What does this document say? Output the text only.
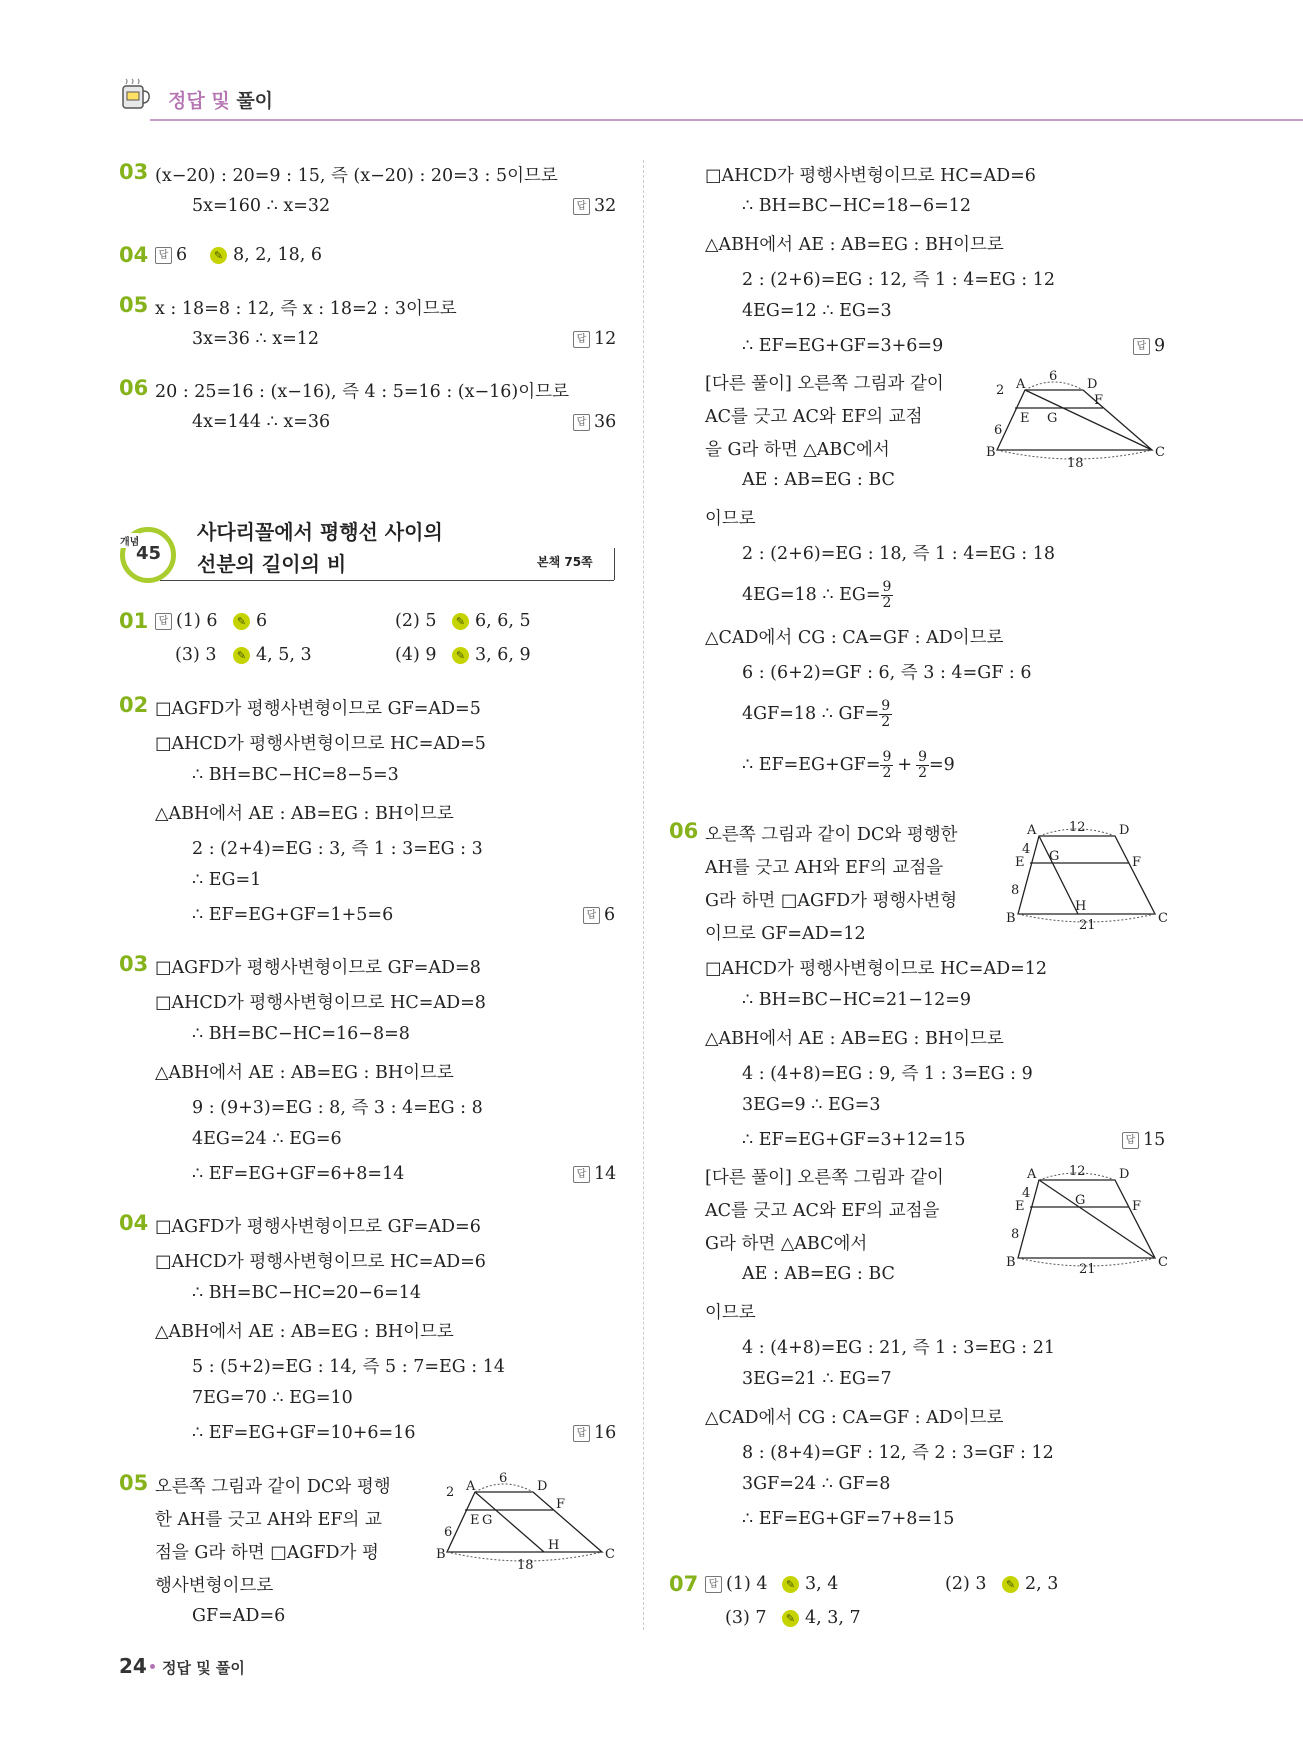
정답 및 풀이
03 (x−20) : 20=9 : 15, 즉 (x−20) : 20=3 : 5이므로
5x=160 ∴ x=32	답 32
04	답 6	✎ 8, 2, 18, 6
05 x : 18=8 : 12, 즉 x : 18=2 : 3이므로
3x=36 ∴ x=12	답 12
06 20 : 25=16 : (x−16), 즉 4 : 5=16 : (x−16)이므로
4x=144 ∴ x=36	답 36
개념
45
사다리꼴에서 평행선 사이의
선분의 길이의 비	본책 75쪽
01	답 (1) 6	✎ 6	(2) 5	✎ 6, 6, 5
(3) 3	✎ 4, 5, 3	(4) 9	✎ 3, 6, 9
02 □AGFD가 평행사변형이므로 GF=AD=5
□AHCD가 평행사변형이므로 HC=AD=5
∴ BH=BC−HC=8−5=3
△ABH에서 AE : AB=EG : BH이므로
2 : (2+4)=EG : 3, 즉 1 : 3=EG : 3
∴ EG=1
∴ EF=EG+GF=1+5=6	답 6
03 □AGFD가 평행사변형이므로 GF=AD=8
□AHCD가 평행사변형이므로 HC=AD=8
∴ BH=BC−HC=16−8=8
△ABH에서 AE : AB=EG : BH이므로
9 : (9+3)=EG : 8, 즉 3 : 4=EG : 8
4EG=24 ∴ EG=6
∴ EF=EG+GF=6+8=14	답 14
04 □AGFD가 평행사변형이므로 GF=AD=6
□AHCD가 평행사변형이므로 HC=AD=6
∴ BH=BC−HC=20−6=14
△ABH에서 AE : AB=EG : BH이므로
5 : (5+2)=EG : 14, 즉 5 : 7=EG : 14
7EG=70 ∴ EG=10
∴ EF=EG+GF=10+6=16	답 16
05 오른쪽 그림과 같이 DC와 평행
한 AH를 긋고 AH와 EF의 교
점을 G라 하면 □AGFD가 평
행사변형이므로
GF=AD=6
A	D
B	C
E G
F
H
6
18
2
6
□AHCD가 평행사변형이므로 HC=AD=6
∴ BH=BC−HC=18−6=12
△ABH에서 AE : AB=EG : BH이므로
2 : (2+6)=EG : 12, 즉 1 : 4=EG : 12
4EG=12 ∴ EG=3
∴ EF=EG+GF=3+6=9	답 9
[다른 풀이] 오른쪽 그림과 같이
AC를 긋고 AC와 EF의 교점
을 G라 하면 △ABC에서
AE : AB=EG : BC
이므로
2 : (2+6)=EG : 18, 즉 1 : 4=EG : 18
4EG=18 ∴ $EG= \frac{9}{2}$
△CAD에서 CG : CA=GF : AD이므로
6 : (6+2)=GF : 6, 즉 3 : 4=GF : 6
4GF=18 ∴ $GF= \frac{9}{2}$
∴ $EF=EG+GF= \frac{9}{2} + \frac{9}{2} =9$
A	D
B	C
E G
F
6
18
2
6
06 오른쪽 그림과 같이 DC와 평행한
AH를 긋고 AH와 EF의 교점을
G라 하면 □AGFD가 평행사변형
이므로 GF=AD=12
□AHCD가 평행사변형이므로 HC=AD=12
∴ BH=BC−HC=21−12=9
△ABH에서 AE : AB=EG : BH이므로
4 : (4+8)=EG : 9, 즉 1 : 3=EG : 9
3EG=9 ∴ EG=3
∴ EF=EG+GF=3+12=15	답 15
[다른 풀이] 오른쪽 그림과 같이
AC를 긋고 AC와 EF의 교점을
G라 하면 △ABC에서
AE : AB=EG : BC
이므로
4 : (4+8)=EG : 21, 즉 1 : 3=EG : 21
3EG=21 ∴ EG=7
△CAD에서 CG : CA=GF : AD이므로
8 : (8+4)=GF : 12, 즉 2 : 3=GF : 12
3GF=24 ∴ GF=8
∴ EF=EG+GF=7+8=15
A	D
B	C
E G	F
H
12
21
4
8
A	D
B	C
E	G	F
12
21
4
8
07	답 (1) 4	✎ 3, 4	(2) 3	✎ 2, 3
(3) 7	✎ 4, 3, 7
24 정답 및 풀이
